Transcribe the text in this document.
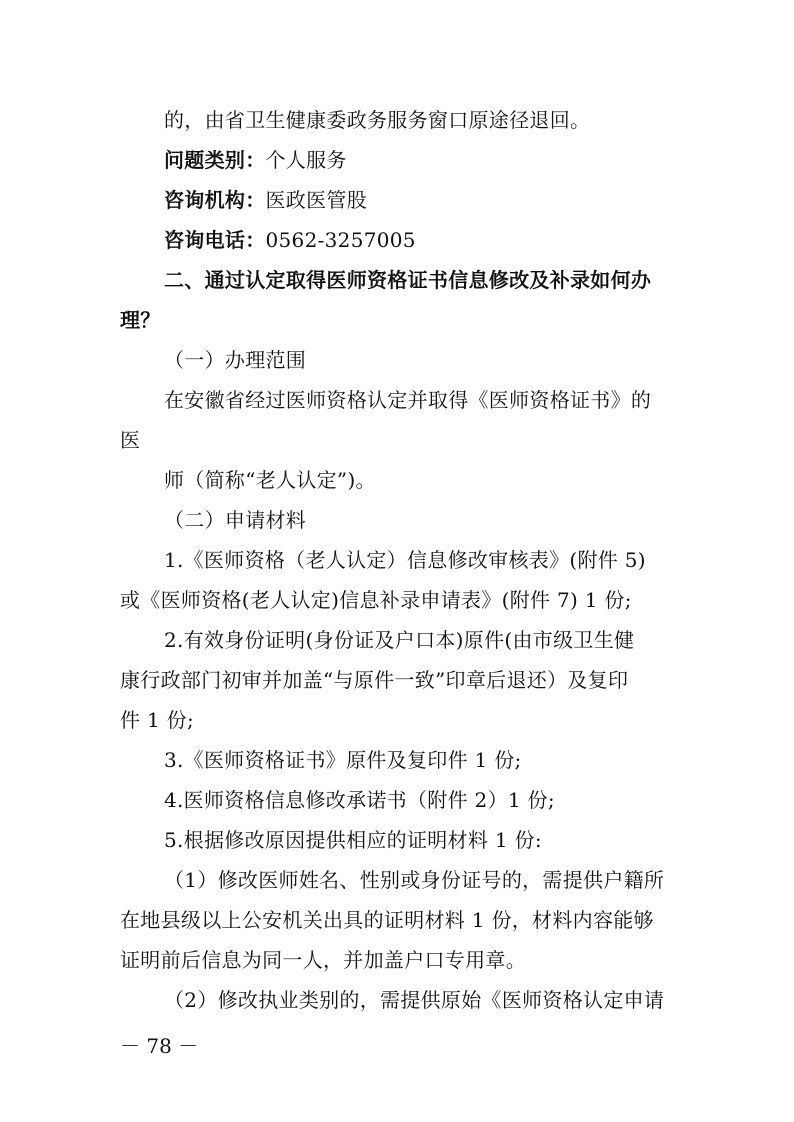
的，由省卫生健康委政务服务窗口原途径退回。
问题类别：个人服务
咨询机构：医政医管股
咨询电话：0562-3257005
二、通过认定取得医师资格证书信息修改及补录如何办
理？
（一）办理范围
在安徽省经过医师资格认定并取得《医师资格证书》的
医
师（简称“老人认定”)。
（二）申请材料
1.《医师资格（老人认定）信息修改审核表》(附件 5)
或《医师资格(老人认定)信息补录申请表》(附件 7) 1 份;
2.有效身份证明(身份证及户口本)原件(由市级卫生健
康行政部门初审并加盖“与原件一致”印章后退还）及复印
件 1 份;
3.《医师资格证书》原件及复印件 1 份;
4.医师资格信息修改承诺书（附件 2）1 份;
5.根据修改原因提供相应的证明材料 1 份:
（1）修改医师姓名、性别或身份证号的，需提供户籍所
在地县级以上公安机关出具的证明材料 1 份，材料内容能够
证明前后信息为同一人，并加盖户口专用章。
（2）修改执业类别的，需提供原始《医师资格认定申请
－ 78 －
